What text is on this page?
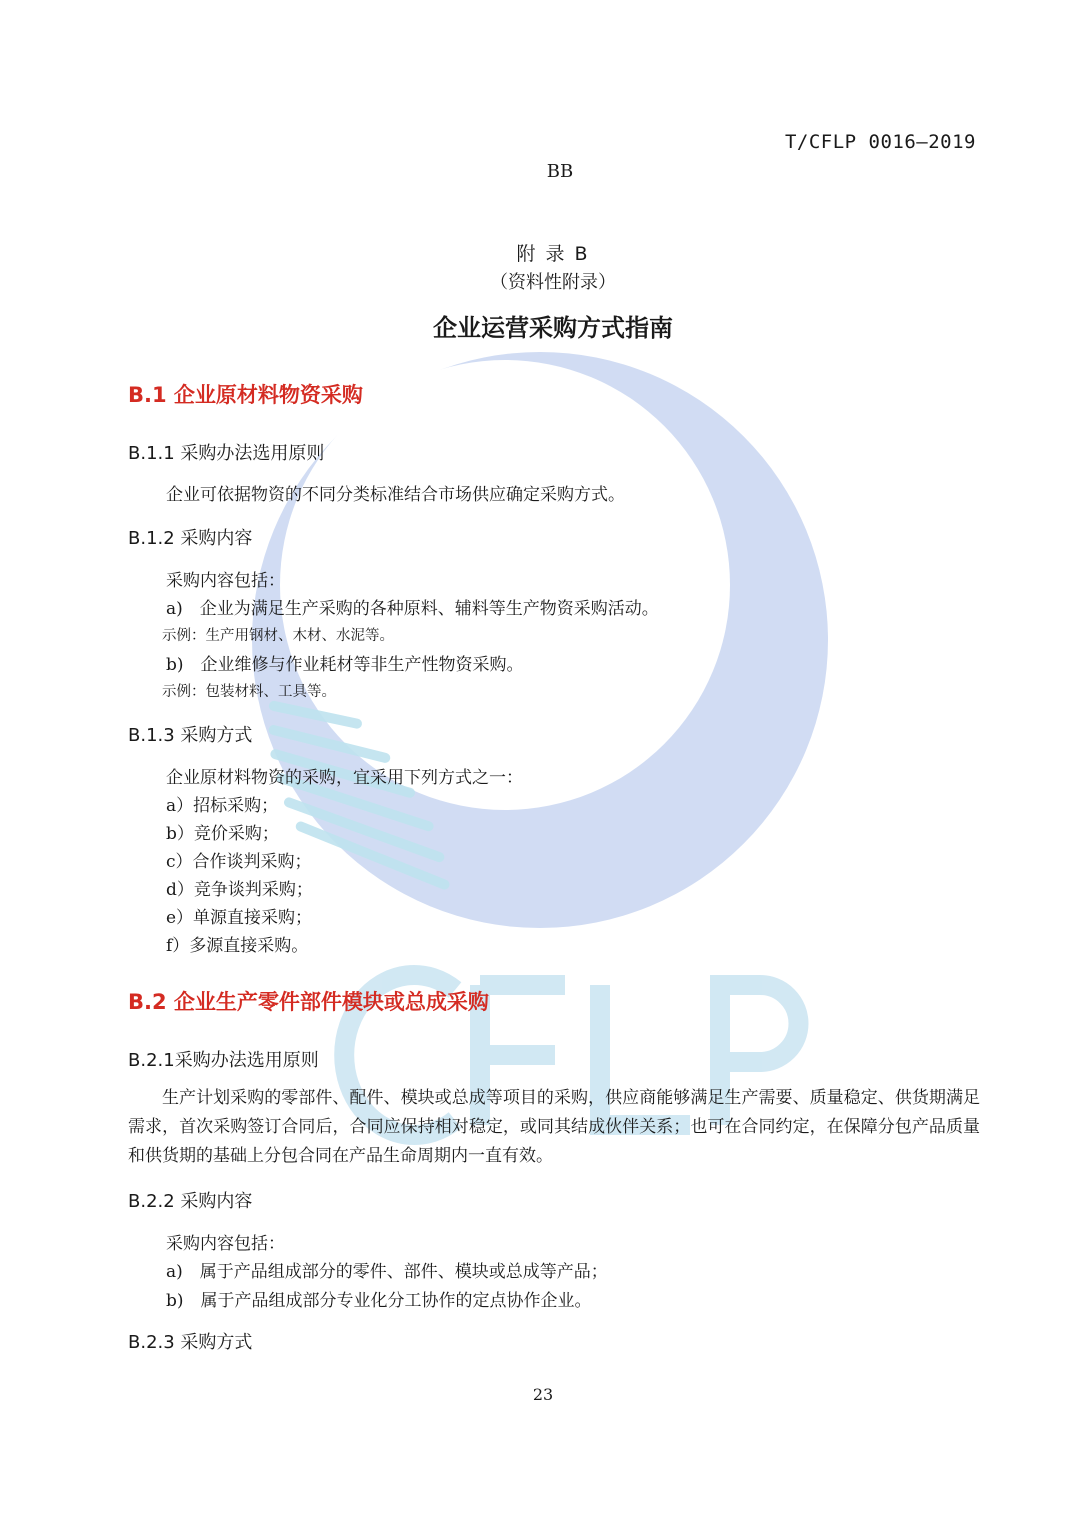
T/CFLP 0016—2019

BB

附 录 B

（资料性附录）

企业运营采购方式指南

B.1 企业原材料物资采购

B.1.1 采购办法选用原则

企业可依据物资的不同分类标准结合市场供应确定采购方式。

B.1.2 采购内容

采购内容包括：

a)　企业为满足生产采购的各种原料、辅料等生产物资采购活动。

示例：生产用钢材、木材、水泥等。

b)　企业维修与作业耗材等非生产性物资采购。

示例：包装材料、工具等。

B.1.3 采购方式

企业原材料物资的采购，宜采用下列方式之一：

a）招标采购；

b）竞价采购；

c）合作谈判采购；

d）竞争谈判采购；

e）单源直接采购；

f）多源直接采购。

B.2 企业生产零件部件模块或总成采购

B.2.1采购办法选用原则

生产计划采购的零部件、配件、模块或总成等项目的采购，供应商能够满足生产需要、质量稳定、供货期满足需求，首次采购签订合同后，合同应保持相对稳定，或同其结成伙伴关系；也可在合同约定，在保障分包产品质量和供货期的基础上分包合同在产品生命周期内一直有效。

B.2.2 采购内容

采购内容包括：

a)　属于产品组成部分的零件、部件、模块或总成等产品；

b)　属于产品组成部分专业化分工协作的定点协作企业。

B.2.3 采购方式

23
